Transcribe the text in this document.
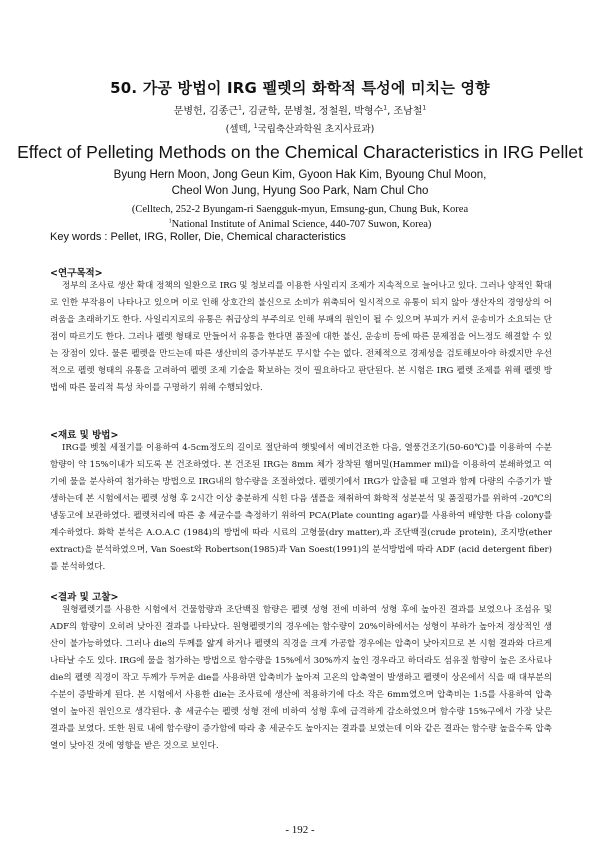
50. 가공 방법이 IRG 펠렛의 화학적 특성에 미치는 영향
문병헌, 김종근$^1$, 김균학, 문병철, 정철원, 박형수$^1$, 조남철$^1$
(셀텍, $^1$국립축산과학원 초지사료과)
Effect of Pelleting Methods on the Chemical Characteristics in IRG Pellet
Byung Hern Moon, Jong Geun Kim, Gyoon Hak Kim, Byoung Chul Moon,
Cheol Won Jung, Hyung Soo Park, Nam Chul Cho
(Celltech, 252-2 Byungam-ri Saengguk-myun, Emsung-gun, Chung Buk, Korea
$^1$National Institute of Animal Science, 440-707 Suwon, Korea)
Key words : Pellet, IRG, Roller, Die, Chemical characteristics
<연구목적>

정부의 조사료 생산 확대 정책의 일환으로 IRG 및 청보리를 이용한 사일리지 조제가 지속적으로 늘어나고 있다. 그러나 양적인 확대로 인한 부작용이 나타나고 있으며 이로 인해 상호간의 불신으로 소비가 위축되어 일시적으로 유통이 되지 않아 생산자의 경영상의 어려움을 초래하기도 한다. 사일리지로의 유통은 취급상의 부주의로 인해 부패의 원인이 될 수 있으며 부피가 커서 운송비가 소요되는 단점이 따르기도 한다. 그러나 펠렛 형태로 만들어서 유통을 한다면 품질에 대한 불신, 운송비 등에 따른 문제점을 어느정도 해결할 수 있는 장점이 있다. 물론 펠렛을 만드는데 따른 생산비의 증가부분도 무시할 수는 없다. 전체적으로 경제성을 검토해보아야 하겠지만 우선적으로 펠렛 형태의 유통을 고려하여 펠렛 조제 기술을 확보하는 것이 필요하다고 판단된다. 본 시험은 IRG 펠렛 조제를 위해 펠렛 방법에 따른 물리적 특성 차이를 구명하기 위해 수행되었다.

<재료 및 방법>

IRG를 벳칠 세절기를 이용하여 4-5cm정도의 길이로 절단하여 햇빛에서 예비건조한 다음, 열풍건조기(50-60℃)를 이용하여 수분함량이 약 15%이내가 되도록 본 건조하였다. 본 건조된 IRG는 8mm 체가 장착된 햄머밀(Hammer mil)을 이용하여 분쇄하였고 여기에 물을 분사하여 첨가하는 방법으로 IRG내의 함수량을 조절하였다. 펠렛기에서 IRG가 압출될 때 고열과 함께 다량의 수증기가 발생하는데 본 시험에서는 펠렛 성형 후 2시간 이상 충분하게 식힌 다음 샘플을 채취하여 화학적 성분분석 및 품질평가를 위하여 -20℃의 냉동고에 보관하였다. 펠렛처리에 따른 총 세균수를 측정하기 위하여 PCA(Plate counting agar)를 사용하여 배양한 다음 colony를 계수하였다. 화학 분석은 A.O.A.C (1984)의 방법에 따라 시료의 고형물(dry matter),과 조단백질(crude protein), 조지방(ether extract)을 분석하였으며, Van Soest와 Robertson(1985)과 Van Soest(1991)의 분석방법에 따라 ADF (acid detergent fiber)를 분석하였다.

<결과 및 고찰>

원형펠렛기를 사용한 시험에서 건물함량과 조단백질 함량은 펠렛 성형 전에 비하여 성형 후에 높아진 결과를 보였으나 조섬유 및 ADF의 함량이 오히려 낮아진 결과를 나타났다. 원형펠렛기의 경우에는 함수량이 20%이하에서는 성형이 부하가 높아져 정상적인 생산이 불가능하였다. 그러나 die의 두께를 얇게 하거나 펠렛의 직경을 크게 가공할 경우에는 압축이 낮아지므로 본 시험 결과와 다르게 나타날 수도 있다. IRG에 물을 첨가하는 방법으로 함수량을 15%에서 30%까지 높인 경우라고 하더라도 섬유질 함량이 높은 조사료나 die의 펠렛 직경이 작고 두께가 두꺼운 die를 사용하면 압축비가 높아져 고온의 압축열이 발생하고 펠렛이 상온에서 식을 때 대부분의 수분이 증발하게 된다. 본 시험에서 사용한 die는 조사료에 생산에 적용하기에 다소 작은 6mm였으며 압축비는 1:5를 사용하여 압축열이 높아진 원인으로 생각된다. 총 세균수는 펠렛 성형 전에 비하여 성형 후에 급격하게 감소하였으며 함수량 15%구에서 가장 낮은 결과를 보였다. 또한 원료 내에 함수량이 증가함에 따라 총 세균수도 높아지는 결과를 보였는데 이와 같은 결과는 함수량 높을수록 압축열이 낮아진 것에 영향을 받은 것으로 보인다.

- 192 -
